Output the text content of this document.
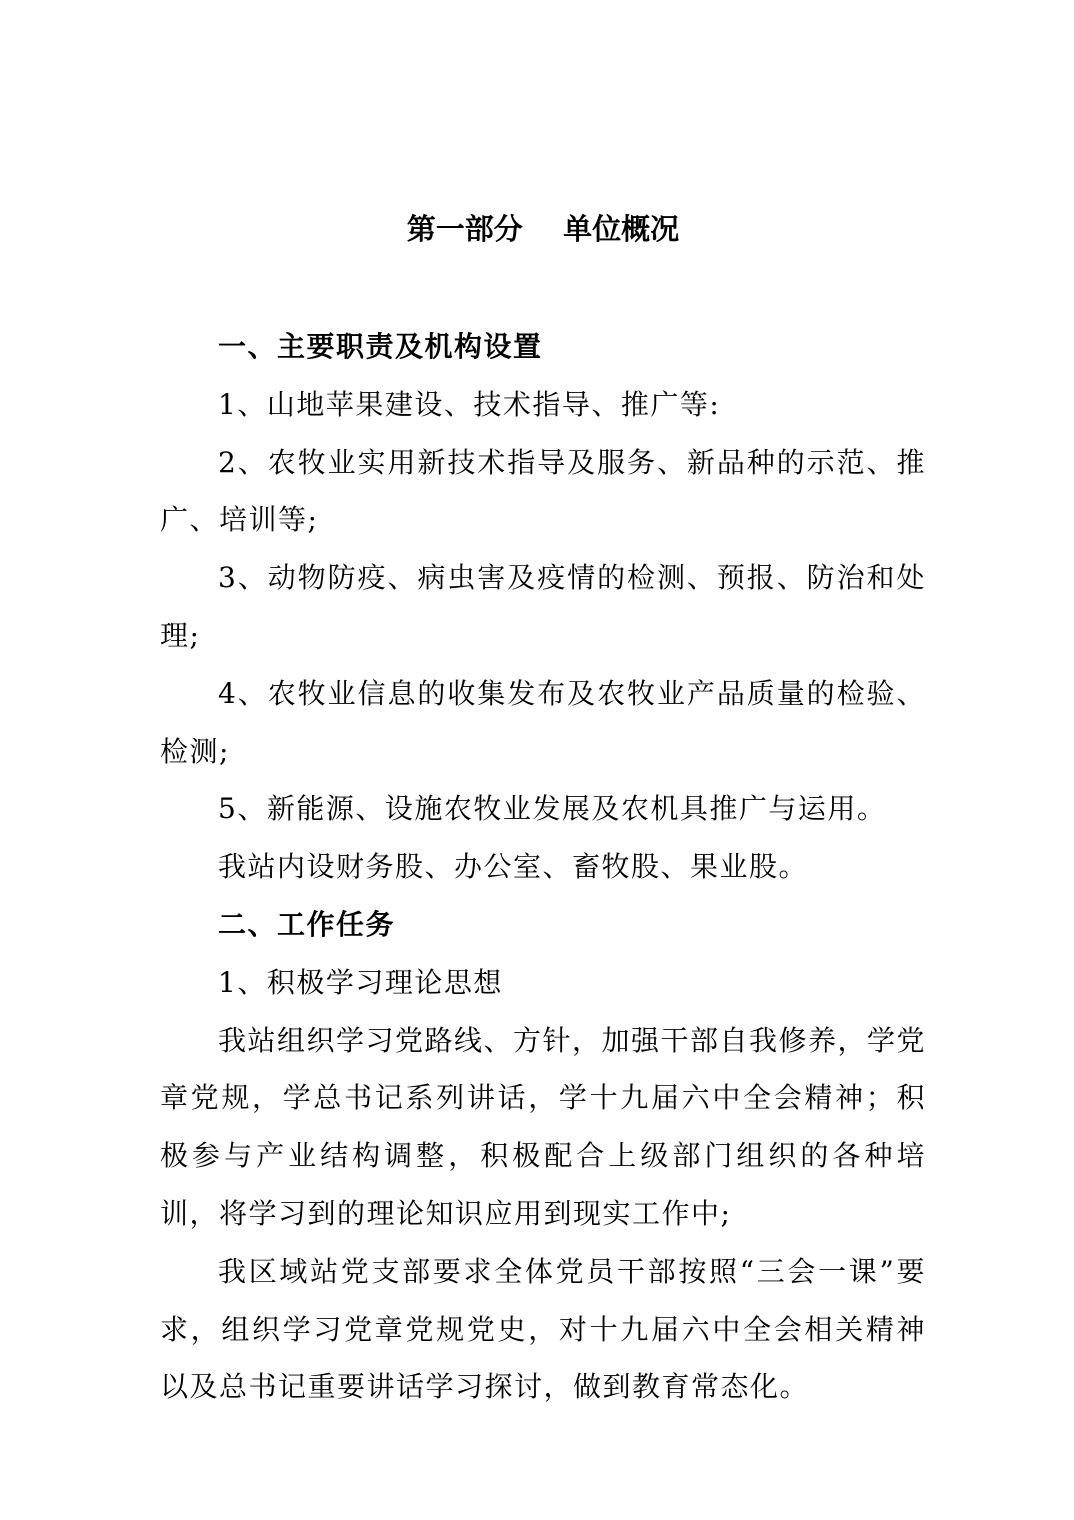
第一部分    单位概况

一、主要职责及机构设置

1、山地苹果建设、技术指导、推广等:

2、农牧业实用新技术指导及服务、新品种的示范、推广、培训等;

3、动物防疫、病虫害及疫情的检测、预报、防治和处理;

4、农牧业信息的收集发布及农牧业产品质量的检验、检测;

5、新能源、设施农牧业发展及农机具推广与运用。

我站内设财务股、办公室、畜牧股、果业股。

二、工作任务

1、积极学习理论思想

我站组织学习党路线、方针，加强干部自我修养，学党章党规，学总书记系列讲话，学十九届六中全会精神；积极参与产业结构调整，积极配合上级部门组织的各种培训，将学习到的理论知识应用到现实工作中;

我区域站党支部要求全体党员干部按照“三会一课”要求，组织学习党章党规党史，对十九届六中全会相关精神以及总书记重要讲话学习探讨，做到教育常态化。
